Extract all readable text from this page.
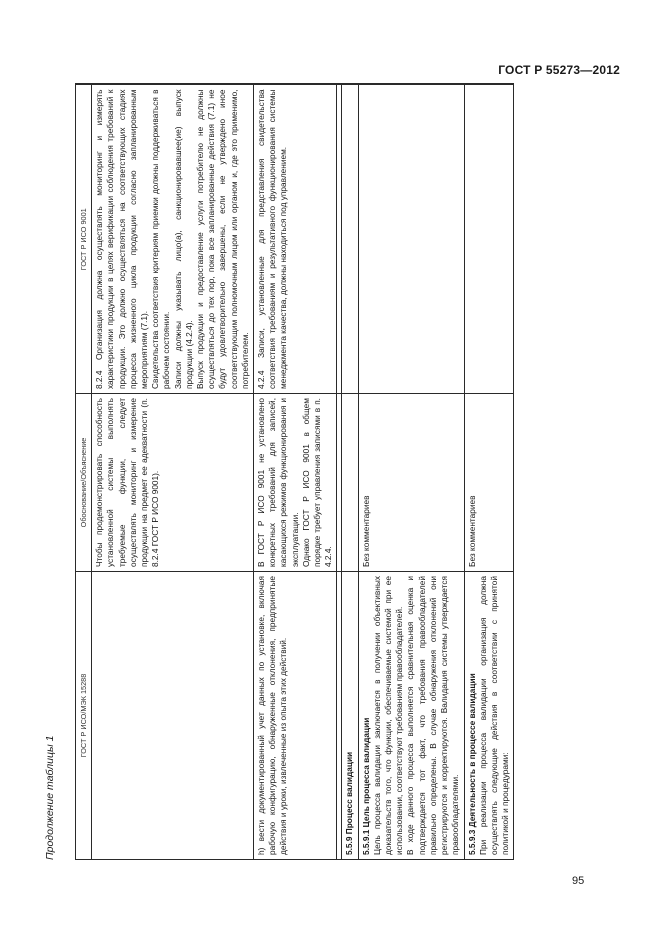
ГОСТ Р 55273—2012
Продолжение таблицы 1
ГОСТ Р ИСО/МЭК 15288	Обоснование/Объяснение	ГОСТ Р ИСО 9001

	Чтобы продемонстрировать способность установленной системы выполнять требуемые функции, следует осуществлять мониторинг и измерение продукции на предмет ее адекватности (п. 8.2.4 ГОСТ Р ИСО 9001).	8.2.4 Организация должна осуществлять мониторинг и измерять характеристики продукции в целях верификации соблюдения требований к продукции. Это должно осуществляться на соответствующих стадиях процесса жизненного цикла продукции согласно запланированным мероприятиям (7.1). Свидетельства соответствия критериям приемки должны поддерживаться в рабочем состоянии. Записи должны указывать лицо(а), санкционировавшее(ие) выпуск продукции (4.2.4). Выпуск продукции и предоставление услуги потребителю не должны осуществляться до тех пор, пока все запланированные действия (7.1) не будут удовлетворительно завершены, если не утверждено иное соответствующим полномочным лицом или органом и, где это применимо, потребителем.

h) вести документированный учет данных по установке, включая рабочую конфигурацию, обнаруженные отклонения, предпринятые действия и уроки, извлеченные из опыта этих действий.	В ГОСТ Р ИСО 9001 не установлено конкретных требований для записей, касающихся режимов функционирования и эксплуатации. Однако ГОСТ Р ИСО 9001 в общем порядке требует управления записями в п. 4.2.4.	4.2.4 Записи, установленные для представления свидетельства соответствия требованиям и результативного функционирования системы менеджмента качества, должны находиться под управлением.

5.5.9 Процесс валидации		
5.5.9.1 Цель процесса валидации Цель процесса валидации заключается в получении объективных доказательств того, что функции, обеспечиваемые системой при ее использовании, соответствуют требованиям правообладателей. В ходе данного процесса выполняется сравнительная оценка и подтверждается тот факт, что требования правообладателей правильно определены. В случае обнаружения отклонений они регистрируются и корректируются. Валидация системы утверждается правообладателями.	Без комментариев	
5.5.9.3 Деятельность в процессе валидации При реализации процесса валидации организация должна осуществлять следующие действия в соответствии с принятой политикой и процедурами:	Без комментариев	
95
